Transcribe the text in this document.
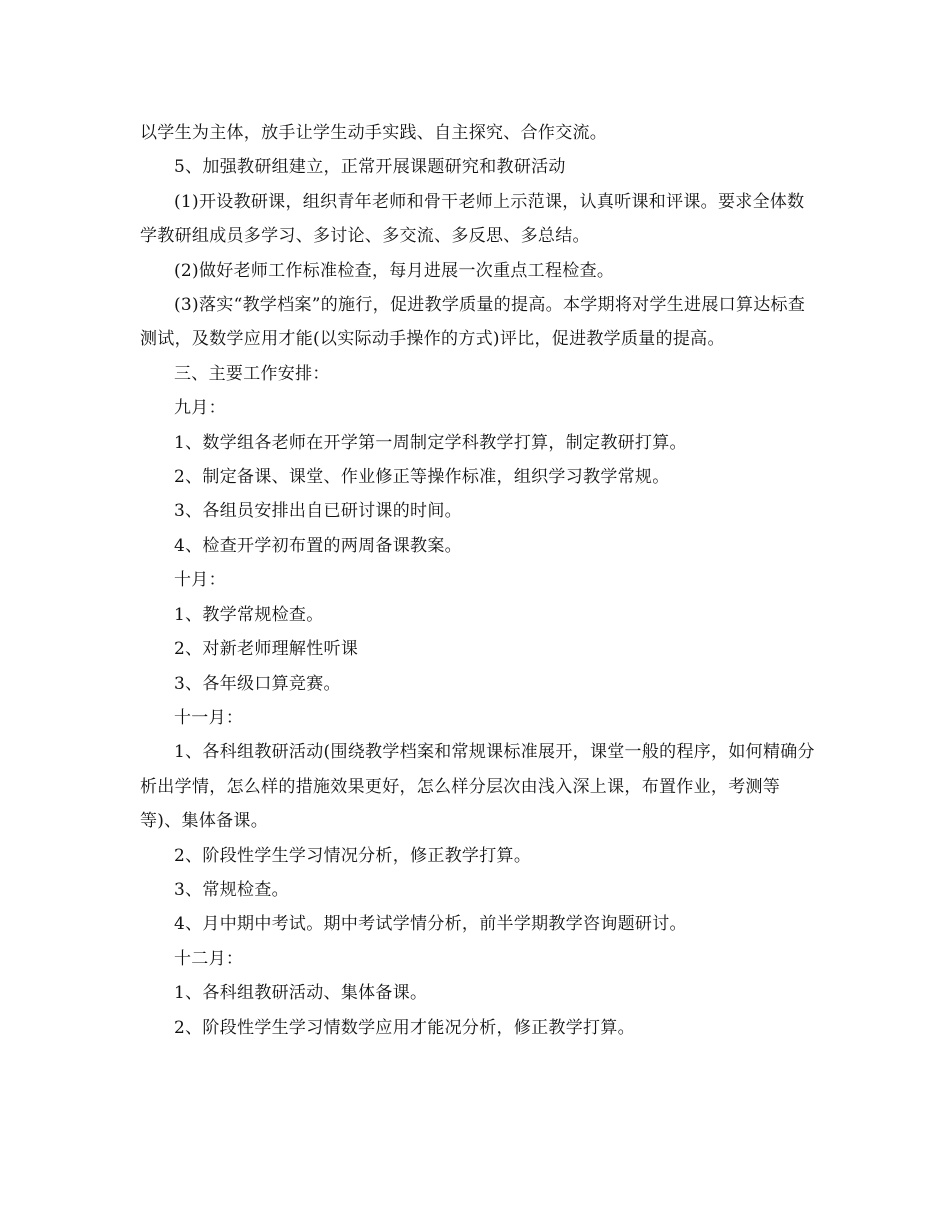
以学生为主体，放手让学生动手实践、自主探究、合作交流。

5、加强教研组建立，正常开展课题研究和教研活动

(1)开设教研课，组织青年老师和骨干老师上示范课，认真听课和评课。要求全体数学教研组成员多学习、多讨论、多交流、多反思、多总结。

(2)做好老师工作标准检查，每月进展一次重点工程检查。

(3)落实“教学档案”的施行，促进教学质量的提高。本学期将对学生进展口算达标查测试，及数学应用才能(以实际动手操作的方式)评比，促进教学质量的提高。

三、主要工作安排：

九月：

1、数学组各老师在开学第一周制定学科教学打算，制定教研打算。

2、制定备课、课堂、作业修正等操作标准，组织学习教学常规。

3、各组员安排出自已研讨课的时间。

4、检查开学初布置的两周备课教案。

十月：

1、教学常规检查。

2、对新老师理解性听课

3、各年级口算竞赛。

十一月：

1、各科组教研活动(围绕教学档案和常规课标准展开，课堂一般的程序，如何精确分析出学情，怎么样的措施效果更好，怎么样分层次由浅入深上课，布置作业，考测等等)、集体备课。

2、阶段性学生学习情况分析，修正教学打算。

3、常规检查。

4、月中期中考试。期中考试学情分析，前半学期教学咨询题研讨。

十二月：

1、各科组教研活动、集体备课。

2、阶段性学生学习情数学应用才能况分析，修正教学打算。
